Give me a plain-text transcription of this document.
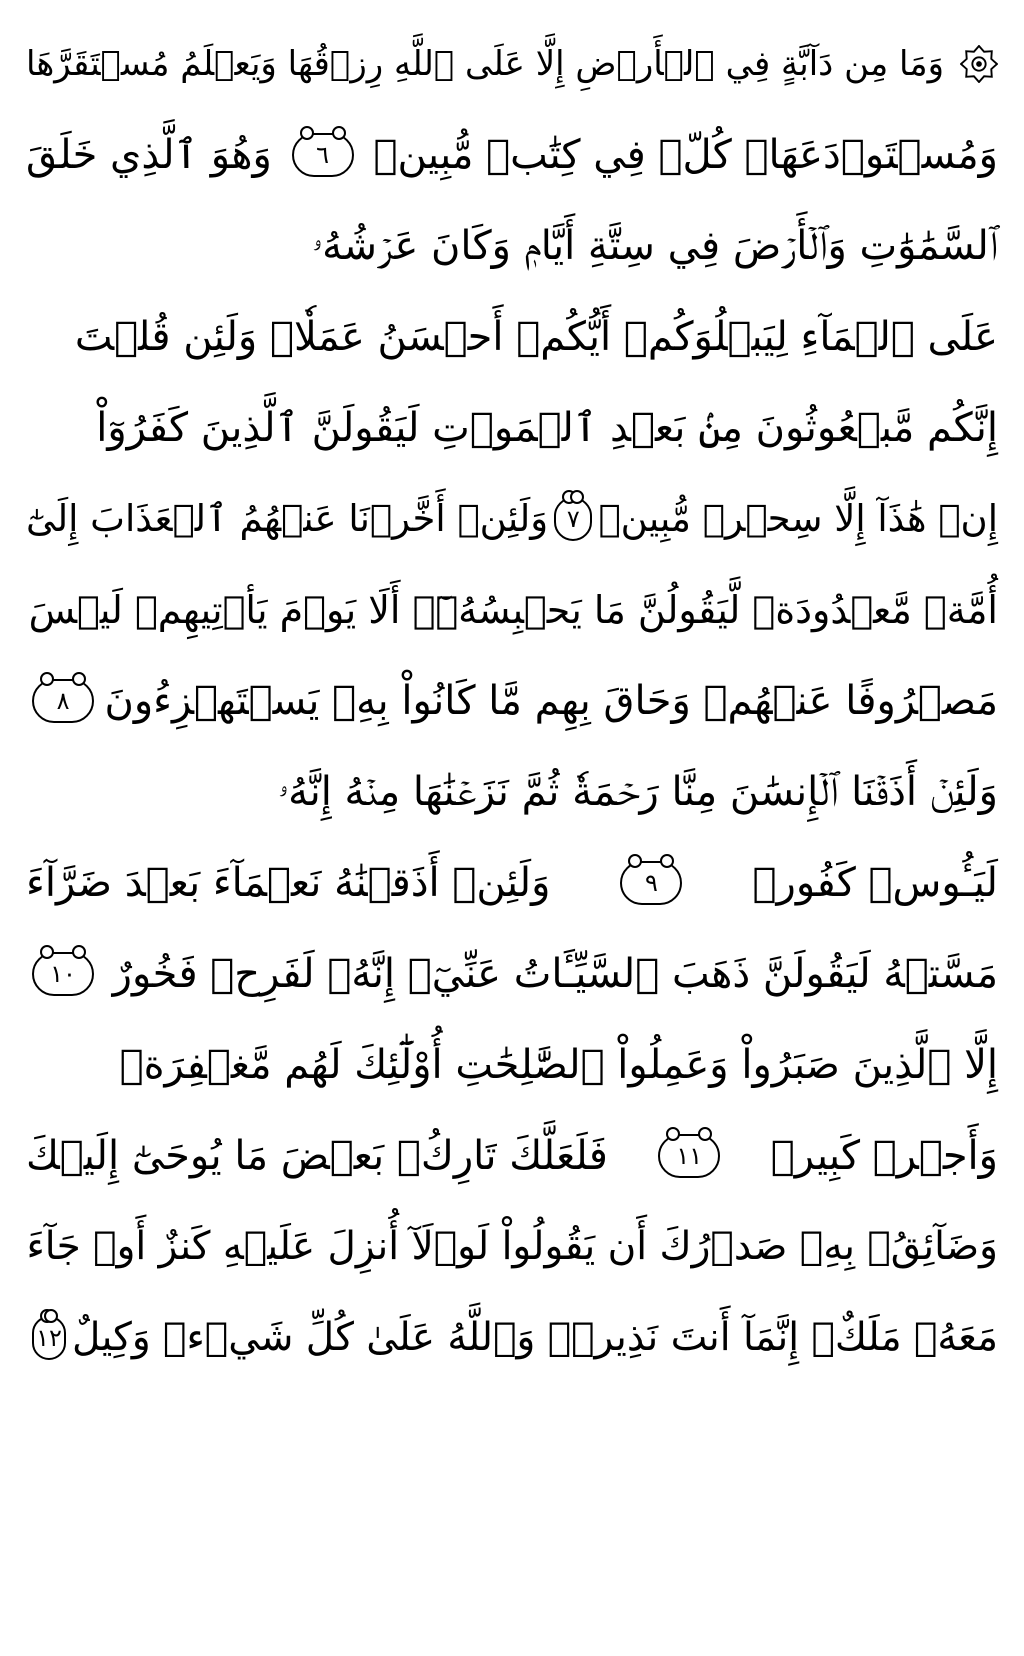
وَمَا مِن دَآبَّةٍ فِي ٱلۡأَرۡضِ إِلَّا عَلَى ٱللَّهِ رِزۡقُهَا وَيَعۡلَمُ مُسۡتَقَرَّهَا
وَمُسۡتَوۡدَعَهَاۚ كُلّٞ فِي كِتَٰبٖ مُّبِينٖ
٦
وَهُوَ ٱلَّذِي خَلَقَ
ٱلسَّمَٰوَٰتِ وَٱلۡأَرۡضَ فِي سِتَّةِ أَيَّامٖ وَكَانَ عَرۡشُهُۥ
عَلَى ٱلۡمَآءِ لِيَبۡلُوَكُمۡ أَيُّكُمۡ أَحۡسَنُ عَمَلٗاۗ وَلَئِن قُلۡتَ
إِنَّكُم مَّبۡعُوثُونَ مِنۢ بَعۡدِ ٱلۡمَوۡتِ لَيَقُولَنَّ ٱلَّذِينَ كَفَرُوٓاْ
إِنۡ هَٰذَآ إِلَّا سِحۡرٞ مُّبِينٞ
٧
وَلَئِنۡ أَخَّرۡنَا عَنۡهُمُ ٱلۡعَذَابَ إِلَىٰٓ
أُمَّةٖ مَّعۡدُودَةٖ لَّيَقُولُنَّ مَا يَحۡبِسُهُۥٓۗ أَلَا يَوۡمَ يَأۡتِيهِمۡ لَيۡسَ
مَصۡرُوفًا عَنۡهُمۡ وَحَاقَ بِهِم مَّا كَانُواْ بِهِۦ يَسۡتَهۡزِءُونَ
٨
وَلَئِنۡ أَذَقۡنَا ٱلۡإِنسَٰنَ مِنَّا رَحۡمَةٗ ثُمَّ نَزَعۡنَٰهَا مِنۡهُ إِنَّهُۥ
لَيَـُٔوسٞ كَفُورٞ
٩
وَلَئِنۡ أَذَقۡنَٰهُ نَعۡمَآءَ بَعۡدَ ضَرَّآءَ
مَسَّتۡهُ لَيَقُولَنَّ ذَهَبَ ٱلسَّيِّـَٔاتُ عَنِّيٓۚ إِنَّهُۥ لَفَرِحٞ فَخُورٌ
١٠
إِلَّا ٱلَّذِينَ صَبَرُواْ وَعَمِلُواْ ٱلصَّٰلِحَٰتِ أُوْلَٰٓئِكَ لَهُم مَّغۡفِرَةٞ
وَأَجۡرٞ كَبِيرٞ
١١
فَلَعَلَّكَ تَارِكُۢ بَعۡضَ مَا يُوحَىٰٓ إِلَيۡكَ
وَضَآئِقُۢ بِهِۦ صَدۡرُكَ أَن يَقُولُواْ لَوۡلَآ أُنزِلَ عَلَيۡهِ كَنزٌ أَوۡ جَآءَ
مَعَهُۥ مَلَكٌۚ إِنَّمَآ أَنتَ نَذِيرٞۚ وَٱللَّهُ عَلَىٰ كُلِّ شَيۡءٖ وَكِيلٌ
١٢
